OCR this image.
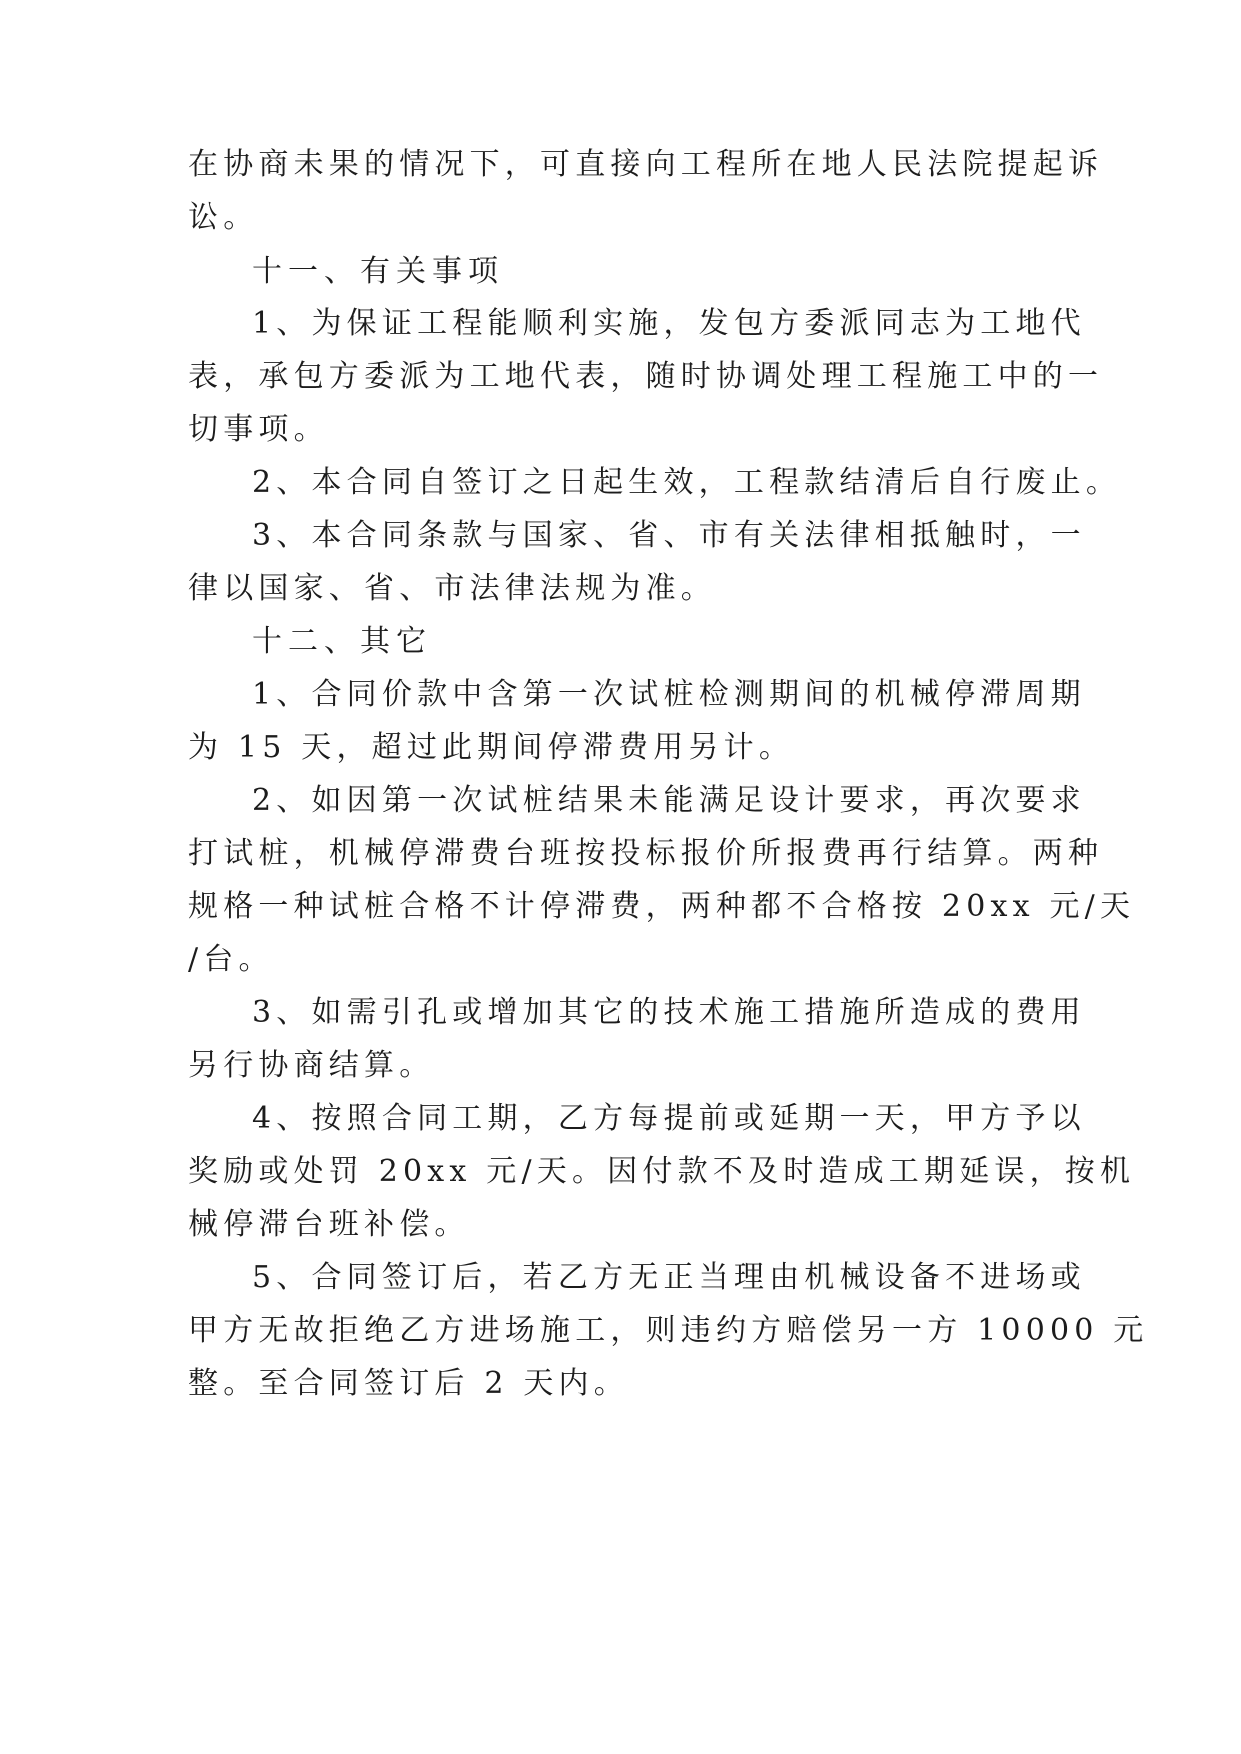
在协商未果的情况下，可直接向工程所在地人民法院提起诉

讼。

十一、有关事项

1、为保证工程能顺利实施，发包方委派同志为工地代

表，承包方委派为工地代表，随时协调处理工程施工中的一

切事项。

2、本合同自签订之日起生效，工程款结清后自行废止。

3、本合同条款与国家、省、市有关法律相抵触时，一

律以国家、省、市法律法规为准。

十二、其它

1、合同价款中含第一次试桩检测期间的机械停滞周期

为 15 天，超过此期间停滞费用另计。

2、如因第一次试桩结果未能满足设计要求，再次要求

打试桩，机械停滞费台班按投标报价所报费再行结算。两种

规格一种试桩合格不计停滞费，两种都不合格按 20xx 元/天

/台。

3、如需引孔或增加其它的技术施工措施所造成的费用

另行协商结算。

4、按照合同工期，乙方每提前或延期一天，甲方予以

奖励或处罚 20xx 元/天。因付款不及时造成工期延误，按机

械停滞台班补偿。

5、合同签订后，若乙方无正当理由机械设备不进场或

甲方无故拒绝乙方进场施工，则违约方赔偿另一方 10000 元

整。至合同签订后 2 天内。
